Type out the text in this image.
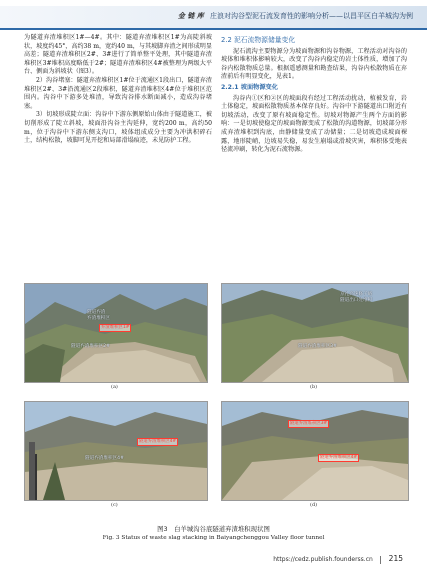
金 链 库 庄浪对沟谷型泥石流发育性的影响分析——以昌平区白羊城沟为例

为隧道弃渣堆积区1#—4#。其中：隧道弃渣堆积区1#为高陡斜坡状，坡度约45°，高约38 m，宽约40 m，与其坡脚弃渣之间形成明显高差；隧道弃渣堆积区2#、3#进行了简单整平处理，其中隧道弃渣堆积区3#堆积高度略低于2#；隧道弃渣堆积区4#被整理为两级大平台、侧面为斜坡状（图3）。

2）沟谷堵塞：隧道弃渣堆积区1#位于流通区1段出口，隧道弃渣堆积区2#、3#沿流通区2段堆积，隧道弃渣堆积区4#位于堆积区范围内。沟谷中下游多处堆渣，导致沟谷排水断面减小，造成沟谷堵塞。

3）切坡形成陡立面：沟谷中下游东侧原始山体由于隧道施工，被切削形成了陡立斜坡，坡面沿沟谷主沟延伸，宽约200 m，高约50 m，位于沟谷中下游东侧支沟口，坡体组成成分主要为冲洪积碎石土，结构松散，坡脚可见开挖和局部滑塌痕迹，未见防护工程。

2.2 泥石流物源储量变化

泥石流沟主要物源分为坡面物源和沟谷物源，工程活动对沟谷的坡体和堆积体影响较大，改变了沟谷内稳定的岩土体性质，增加了沟谷内松散物质总量。根据遥感测量和勘查结果，沟谷内松散物质在弃渣前后有明显变化，见表1。

2.2.1 坡面物源变化

沟谷内①区和②区的坡面段有经过工程活动扰动，植被发育，岩土体稳定，坡面松散物质基本保存良好。沟谷中下游隧道出口附近有切坡活动，改变了原有坡面稳定性。切坡对物源产生两个方面的影响：一是切坡使稳定的坡面物源变成了松散的沟道物源，切坡部分形成弃渣堆积到沟底，由静储量变成了动储量；二是切坡造成坡面裸露，地形陡峭，边坡易失稳，易发生崩塌或滑坡灾害，堆积体受地表径流冲刷，转化为泥石流物源。

隧道弃渣
弃渣堆积区
弃渣堆积区1#
隧道弃渣堆积区2#
(a)
京礼高速修子峪
隧道出口处堆积
隧道弃渣堆积区3#
(b)
隧道弃渣堆积区4#
隧道弃渣堆积区4#
(c)
隧道弃渣堆积区3#
隧道弃渣堆积区4#
(d)
图3　白羊城沟谷底隧道弃渣堆积现状图
Fig. 3 Status of waste slag stacking in Baiyangchenggou Valley floor tunnel
https://cedz.publish.founderss.cn 215
